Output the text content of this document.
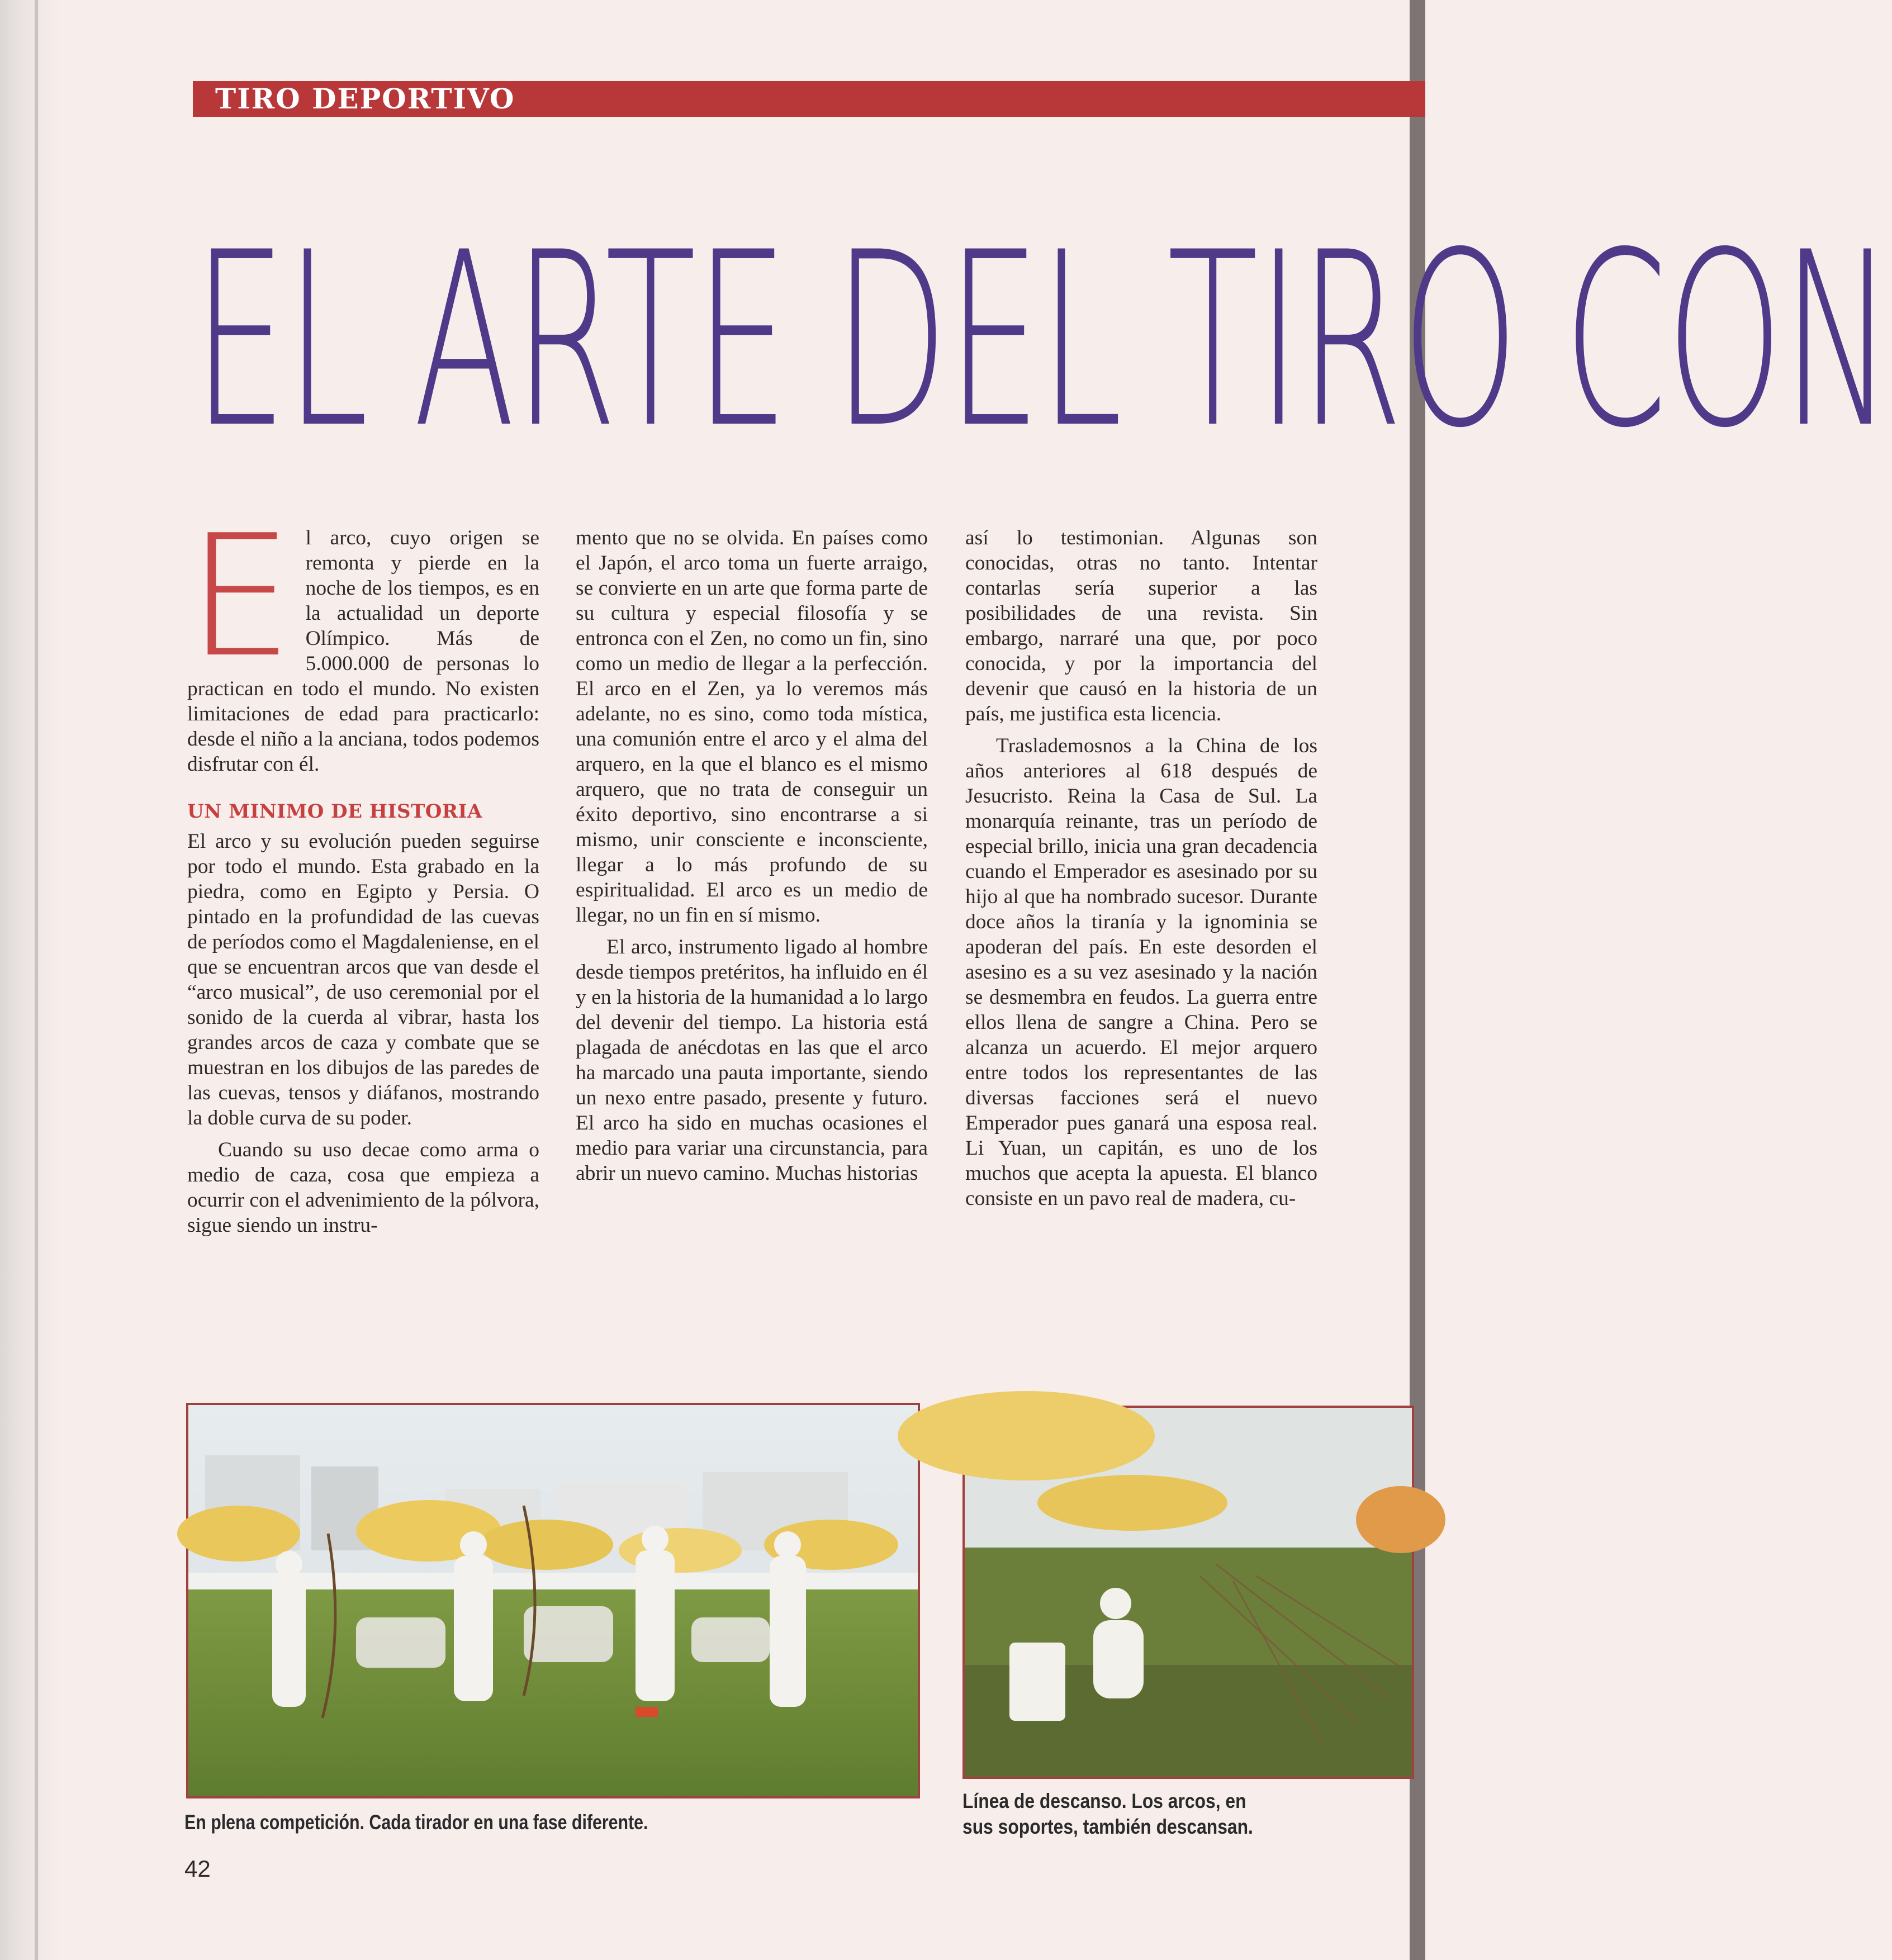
TIRO DEPORTIVO
EL ARTE DEL TIRO CON

E l arco, cuyo origen se remonta y pierde en la noche de los tiempos, es en la actualidad un deporte Olímpico. Más de 5.000.000 de personas lo practican en todo el mundo. No existen limitaciones de edad para practicarlo: desde el niño a la anciana, todos podemos disfrutar con él.

UN MINIMO DE HISTORIA

El arco y su evolución pueden seguirse por todo el mundo. Esta grabado en la piedra, como en Egipto y Persia. O pintado en la profundidad de las cuevas de períodos como el Magdaleniense, en el que se encuentran arcos que van desde el “arco musical”, de uso ceremonial por el sonido de la cuerda al vibrar, hasta los grandes arcos de caza y combate que se muestran en los dibujos de las paredes de las cuevas, tensos y diáfanos, mostrando la doble curva de su poder.

Cuando su uso decae como arma o medio de caza, cosa que empieza a ocurrir con el advenimiento de la pólvora, sigue siendo un instru-

mento que no se olvida. En países como el Japón, el arco toma un fuerte arraigo, se convierte en un arte que forma parte de su cultura y especial filosofía y se entronca con el Zen, no como un fin, sino como un medio de llegar a la perfección. El arco en el Zen, ya lo veremos más adelante, no es sino, como toda mística, una comunión entre el arco y el alma del arquero, en la que el blanco es el mismo arquero, que no trata de conseguir un éxito deportivo, sino encontrarse a si mismo, unir consciente e inconsciente, llegar a lo más profundo de su espiritualidad. El arco es un medio de llegar, no un fin en sí mismo.

El arco, instrumento ligado al hombre desde tiempos pretéritos, ha influido en él y en la historia de la humanidad a lo largo del devenir del tiempo. La historia está plagada de anécdotas en las que el arco ha marcado una pauta importante, siendo un nexo entre pasado, presente y futuro. El arco ha sido en muchas ocasiones el medio para variar una circunstancia, para abrir un nuevo camino. Muchas historias

así lo testimonian. Algunas son conocidas, otras no tanto. Intentar contarlas sería superior a las posibilidades de una revista. Sin embargo, narraré una que, por poco conocida, y por la importancia del devenir que causó en la historia de un país, me justifica esta licencia.

Traslademosnos a la China de los años anteriores al 618 después de Jesucristo. Reina la Casa de Sul. La monarquía reinante, tras un período de especial brillo, inicia una gran decadencia cuando el Emperador es asesinado por su hijo al que ha nombrado sucesor. Durante doce años la tiranía y la ignominia se apoderan del país. En este desorden el asesino es a su vez asesinado y la nación se desmembra en feudos. La guerra entre ellos llena de sangre a China. Pero se alcanza un acuerdo. El mejor arquero entre todos los representantes de las diversas facciones será el nuevo Emperador pues ganará una esposa real. Li Yuan, un capitán, es uno de los muchos que acepta la apuesta. El blanco consiste en un pavo real de madera, cu-

En plena competición. Cada tirador en una fase diferente.
Línea de descanso. Los arcos, en sus soportes, también descansan.
42
